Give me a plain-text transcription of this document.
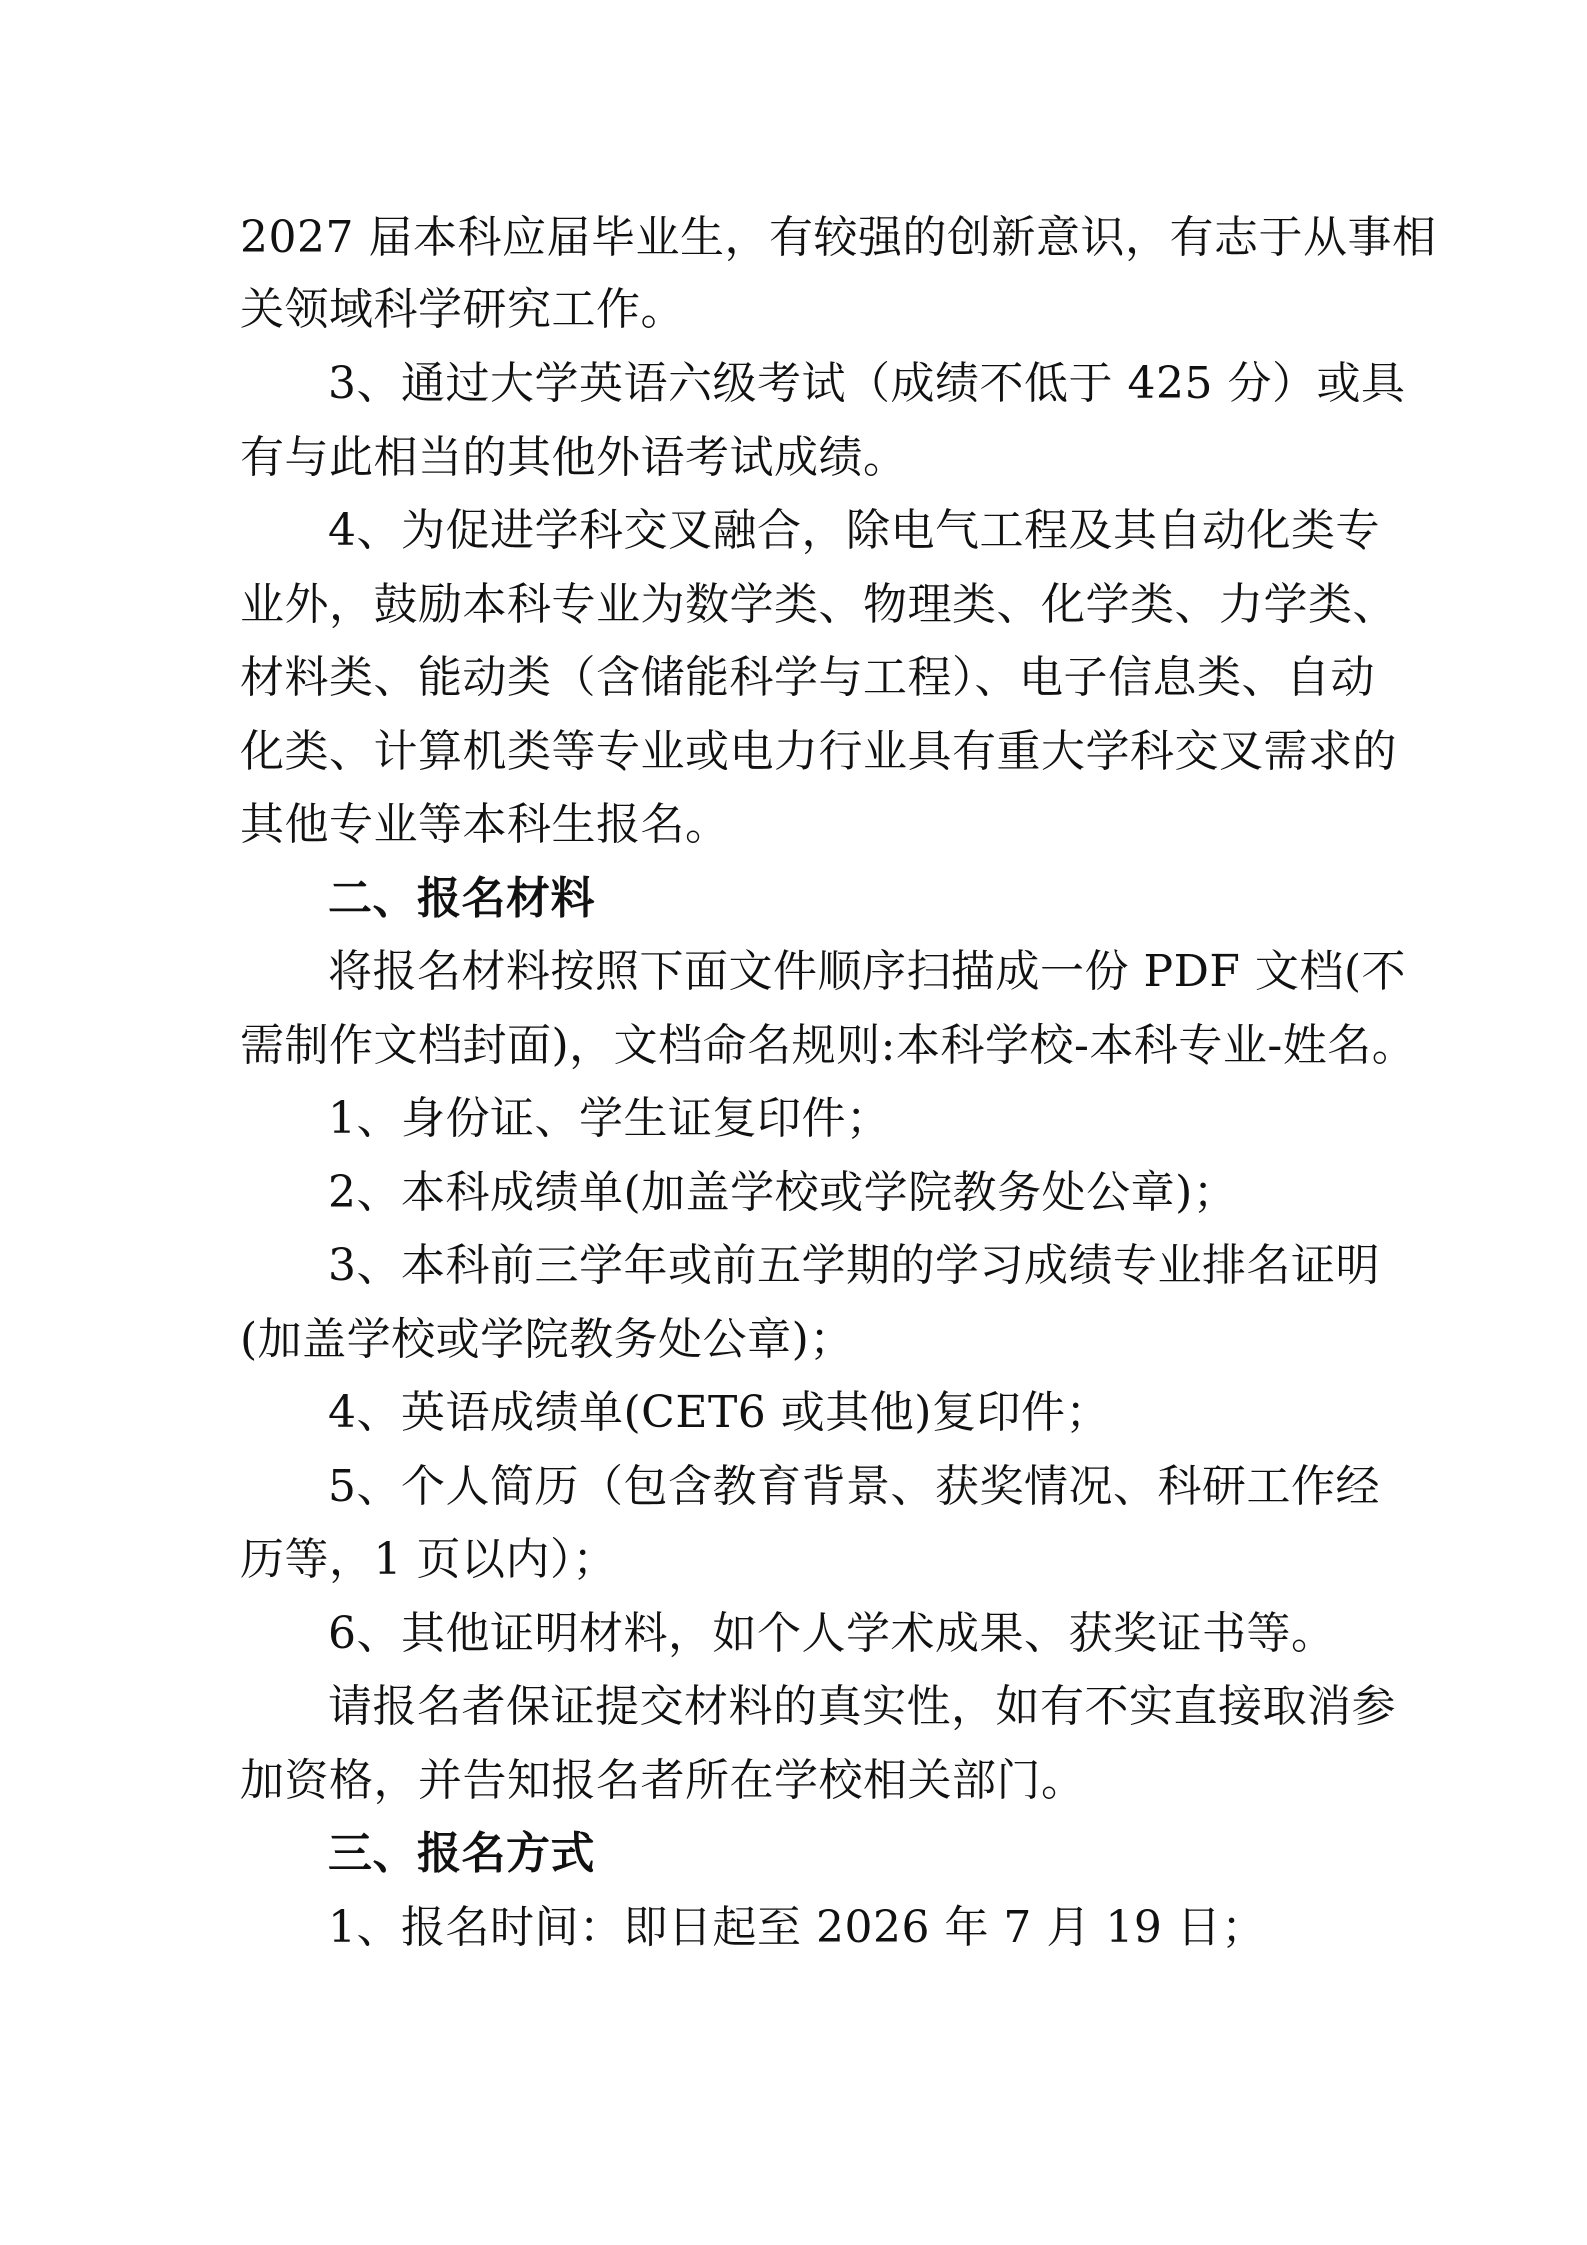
2027 届本科应届毕业生，有较强的创新意识，有志于从事相
关领域科学研究工作。
3、通过大学英语六级考试（成绩不低于 425 分）或具
有与此相当的其他外语考试成绩。
4、为促进学科交叉融合，除电气工程及其自动化类专
业外，鼓励本科专业为数学类、物理类、化学类、力学类、
材料类、能动类（含储能科学与工程）、电子信息类、自动
化类、计算机类等专业或电力行业具有重大学科交叉需求的
其他专业等本科生报名。
二、报名材料
将报名材料按照下面文件顺序扫描成一份 PDF 文档(不
需制作文档封面)，文档命名规则:本科学校-本科专业-姓名。
1、身份证、学生证复印件；
2、本科成绩单(加盖学校或学院教务处公章)；
3、本科前三学年或前五学期的学习成绩专业排名证明
(加盖学校或学院教务处公章)；
4、英语成绩单(CET6 或其他)复印件；
5、个人简历（包含教育背景、获奖情况、科研工作经
历等，1 页以内）；
6、其他证明材料，如个人学术成果、获奖证书等。
请报名者保证提交材料的真实性，如有不实直接取消参
加资格，并告知报名者所在学校相关部门。
三、报名方式
1、报名时间：即日起至 2026 年 7 月 19 日；
